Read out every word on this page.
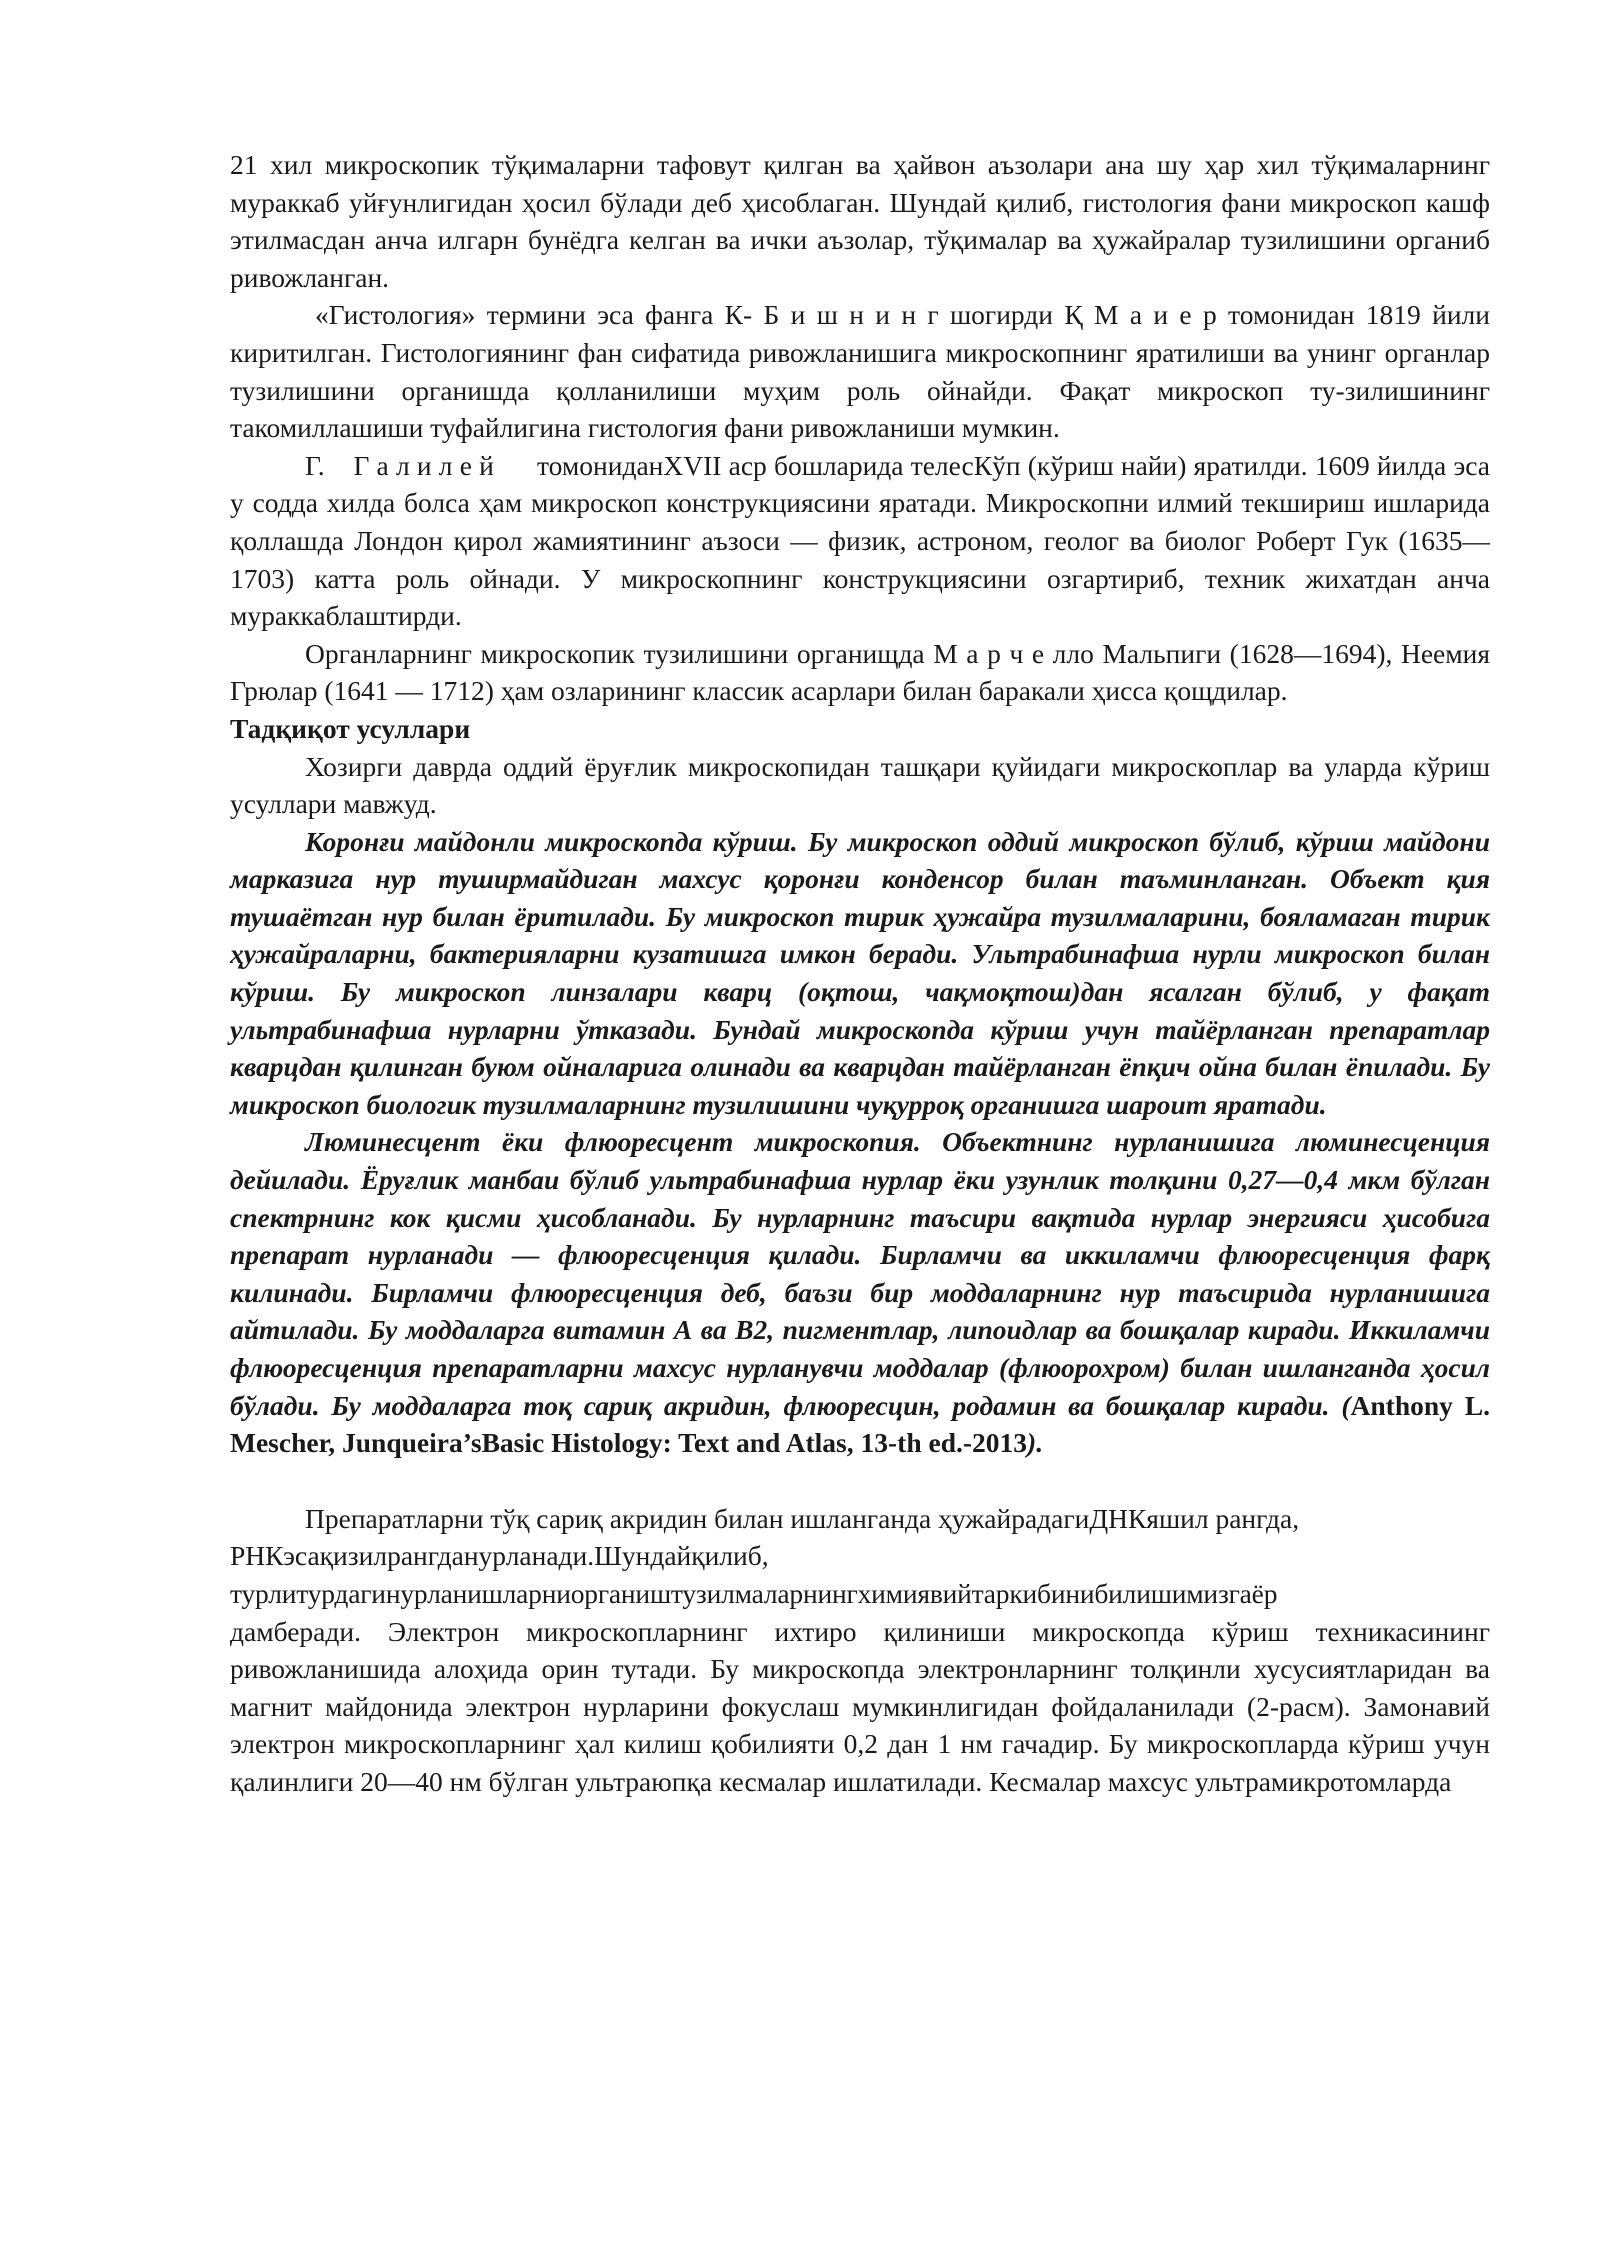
21 хил микроскопик тўқималарни тафовут қилган ва ҳайвон аъзолари ана шу ҳар хил тўқималарнинг мураккаб уйғунлигидан ҳосил бўлади деб ҳисоблаган. Шундай қилиб, гистология фани микроскоп кашф этилмасдан анча илгарн бунёдга келган ва ички аъзолар, тўқималар ва ҳужайралар тузилишини органиб ривожланган.

«Гистология» термини эса фанга К- Б и ш н и н г шогирди Қ М а и е р томонидан 1819 йили киритилган. Гистологиянинг фан сифатида ривожланишига микроскопнинг яратилиши ва унинг органлар тузилишини органишда қолланилиши муҳим роль ойнайди. Фақат микроскоп ту-зилишининг такомиллашиши туфайлигина гистология фани ривожланиши мумкин.

Г.    Г а л и л е й      томониданXVII аср бошларида телесКўп (кўриш найи) яратилди. 1609 йилда эса у содда хилда болса ҳам микроскоп конструкциясини яратади. Микроскопни илмий текшириш ишларида қоллашда Лондон қирол жамиятининг аъзоси — физик, астроном, геолог ва биолог Роберт Гук (1635—1703) катта роль ойнади. У микроскопнинг конструкциясини озгартириб, техник жихатдан анча мураккаблаштирди.

Органларнинг микроскопик тузилишини органищда М а р ч е лло Мальпиги (1628—1694), Неемия Грюлар (1641 — 1712) ҳам озларининг классик асарлари билан баракали ҳисса қощдилар.

Тадқиқот усуллари

Хозирги даврда оддий ёруғлик микроскопидан ташқари қуйидаги микроскоплар ва уларда кўриш усуллари мавжуд.

Коронғи майдонли микроскопда кўриш. Бу микроскоп оддий микроскоп бўлиб, кўриш майдони марказига нур туширмайдиган махсус қоронғи конденсор билан таъминланган. Объект қия тушаётган нур билан ёритилади. Бу микроскоп тирик ҳужайра тузилмаларини, бояламаган тирик ҳужайраларни, бактерияларни кузатишга имкон беради. Ультрабинафша нурли микроскоп билан кўриш. Бу микроскоп линзалари кварц (оқтош, чақмоқтош)дан ясалган бўлиб, у фақат ультрабинафша нурларни ўтказади. Бундай микроскопда кўриш учун тайёрланган препаратлар кварцдан қилинган буюм ойналарига олинади ва кварцдан тайёрланган ёпқич ойна билан ёпилади. Бу микроскоп биологик тузилмаларнинг тузилишини чуқурроқ органишга шароит яратади.

Люминесцент ёки флюоресцент микроскопия. Объектнинг нурланишига люминесценция дейилади. Ёруғлик манбаи бўлиб ультрабинафша нурлар ёки узунлик толқини 0,27—0,4 мкм бўлган спектрнинг кок қисми ҳисобланади. Бу нурларнинг таъсири вақтида нурлар энергияси ҳисобига препарат нурланади — флюоресценция қилади. Бирламчи ва иккиламчи флюоресценция фарқ килинади. Бирламчи флюоресценция деб, баъзи бир моддаларнинг нур таъсирида нурланишига айтилади. Бу моддаларга витамин А ва В2, пигментлар, липоидлар ва бошқалар киради. Иккиламчи флюоресценция препаратларни махсус нурланувчи моддалар (флюорохром) билан ишланганда ҳосил бўлади. Бу моддаларга тоқ сариқ акридин, флюоресцин, родамин ва бошқалар киради. (Anthony L. Mescher, Junqueira’sBasic Histology: Text and Atlas, 13-th ed.-2013).

Препаратларни тўқ сариқ акридин билан ишланганда ҳужайрадагиДНКяшил рангда,

РНКэсақизилрангданурланади.Шундайқилиб,

турлитурдагинурланишларниоргаништузилмаларнингхимиявийтаркибинибилишимизгаёр

дамберади. Электрон микроскопларнинг ихтиро қилиниши микроскопда кўриш техникасининг ривожланишида алоҳида орин тутади. Бу микроскопда электронларнинг толқинли хусусиятларидан ва магнит майдонида электрон нурларини фокуслаш мумкинлигидан фойдаланилади (2-расм). Замонавий электрон микроскопларнинг ҳал килиш қобилияти 0,2 дан 1 нм гачадир. Бу микроскопларда кўриш учун қалинлиги 20—40 нм бўлган ультраюпқа кесмалар ишлатилади. Кесмалар махсус ультрамикротомларда
